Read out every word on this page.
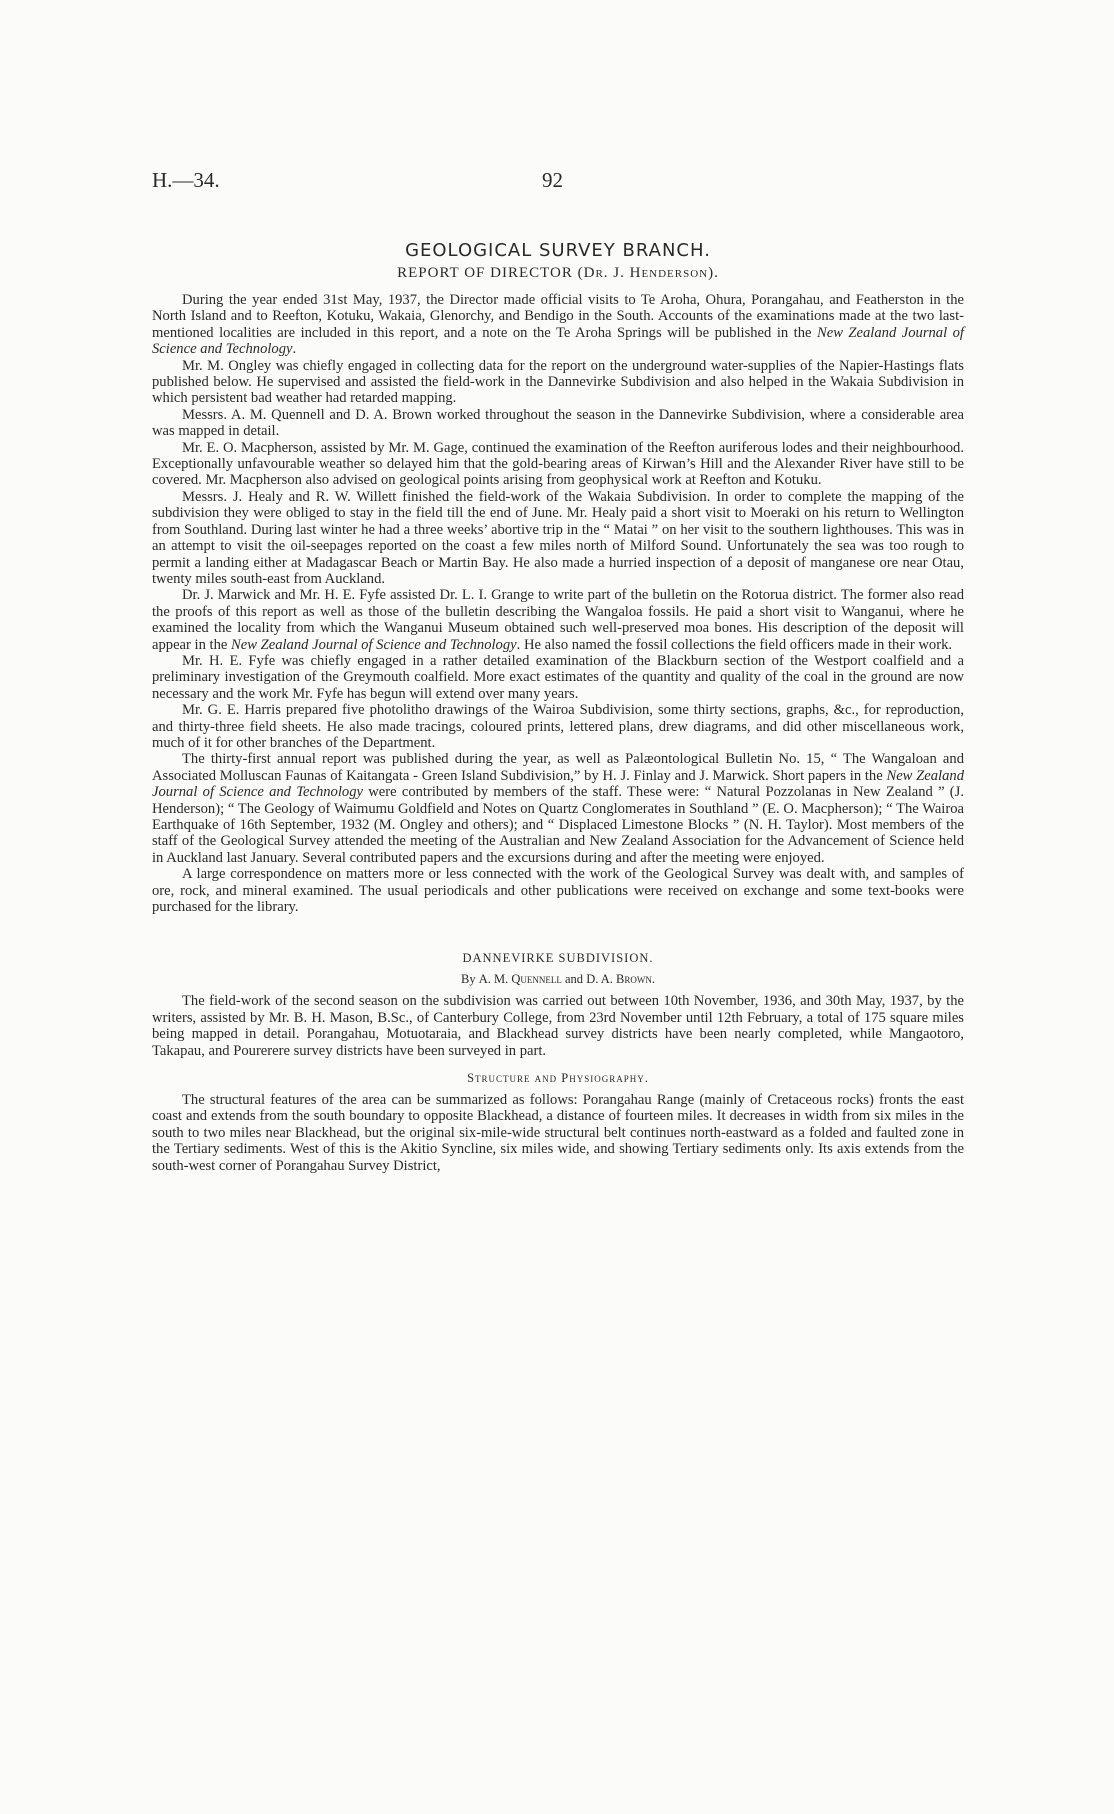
H.—34.	92
GEOLOGICAL SURVEY BRANCH.
REPORT OF DIRECTOR (Dr. J. Henderson).

During the year ended 31st May, 1937, the Director made official visits to Te Aroha, Ohura, Porangahau, and Featherston in the North Island and to Reefton, Kotuku, Wakaia, Glenorchy, and Bendigo in the South. Accounts of the examinations made at the two last-mentioned localities are included in this report, and a note on the Te Aroha Springs will be published in the New Zealand Journal of Science and Technology.

Mr. M. Ongley was chiefly engaged in collecting data for the report on the underground water-supplies of the Napier-Hastings flats published below. He supervised and assisted the field-work in the Dannevirke Subdivision and also helped in the Wakaia Subdivision in which persistent bad weather had retarded mapping.

Messrs. A. M. Quennell and D. A. Brown worked throughout the season in the Dannevirke Subdivision, where a considerable area was mapped in detail.

Mr. E. O. Macpherson, assisted by Mr. M. Gage, continued the examination of the Reefton auriferous lodes and their neighbourhood. Exceptionally unfavourable weather so delayed him that the gold-bearing areas of Kirwan’s Hill and the Alexander River have still to be covered. Mr. Macpherson also advised on geological points arising from geophysical work at Reefton and Kotuku.

Messrs. J. Healy and R. W. Willett finished the field-work of the Wakaia Subdivision. In order to complete the mapping of the subdivision they were obliged to stay in the field till the end of June. Mr. Healy paid a short visit to Moeraki on his return to Wellington from Southland. During last winter he had a three weeks’ abortive trip in the “ Matai ” on her visit to the southern lighthouses. This was in an attempt to visit the oil-seepages reported on the coast a few miles north of Milford Sound. Unfortunately the sea was too rough to permit a landing either at Madagascar Beach or Martin Bay. He also made a hurried inspection of a deposit of manganese ore near Otau, twenty miles south-east from Auckland.

Dr. J. Marwick and Mr. H. E. Fyfe assisted Dr. L. I. Grange to write part of the bulletin on the Rotorua district. The former also read the proofs of this report as well as those of the bulletin describing the Wangaloa fossils. He paid a short visit to Wanganui, where he examined the locality from which the Wanganui Museum obtained such well-preserved moa bones. His description of the deposit will appear in the New Zealand Journal of Science and Technology. He also named the fossil collections the field officers made in their work.

Mr. H. E. Fyfe was chiefly engaged in a rather detailed examination of the Blackburn section of the Westport coalfield and a preliminary investigation of the Greymouth coalfield. More exact estimates of the quantity and quality of the coal in the ground are now necessary and the work Mr. Fyfe has begun will extend over many years.

Mr. G. E. Harris prepared five photolitho drawings of the Wairoa Subdivision, some thirty sections, graphs, &c., for reproduction, and thirty-three field sheets. He also made tracings, coloured prints, lettered plans, drew diagrams, and did other miscellaneous work, much of it for other branches of the Department.

The thirty-first annual report was published during the year, as well as Palæontological Bulletin No. 15, “ The Wangaloan and Associated Molluscan Faunas of Kaitangata - Green Island Subdivision,” by H. J. Finlay and J. Marwick. Short papers in the New Zealand Journal of Science and Technology were contributed by members of the staff. These were: “ Natural Pozzolanas in New Zealand ” (J. Henderson); “ The Geology of Waimumu Goldfield and Notes on Quartz Conglomerates in Southland ” (E. O. Macpherson); “ The Wairoa Earthquake of 16th September, 1932 (M. Ongley and others); and “ Displaced Limestone Blocks ” (N. H. Taylor). Most members of the staff of the Geological Survey attended the meeting of the Australian and New Zealand Association for the Advancement of Science held in Auckland last January. Several contributed papers and the excursions during and after the meeting were enjoyed.

A large correspondence on matters more or less connected with the work of the Geological Survey was dealt with, and samples of ore, rock, and mineral examined. The usual periodicals and other publications were received on exchange and some text-books were purchased for the library.

DANNEVIRKE SUBDIVISION.
By A. M. Quennell and D. A. Brown.

The field-work of the second season on the subdivision was carried out between 10th November, 1936, and 30th May, 1937, by the writers, assisted by Mr. B. H. Mason, B.Sc., of Canterbury College, from 23rd November until 12th February, a total of 175 square miles being mapped in detail. Porangahau, Motuotaraia, and Blackhead survey districts have been nearly completed, while Mangaotoro, Takapau, and Pourerere survey districts have been surveyed in part.

Structure and Physiography.

The structural features of the area can be summarized as follows: Porangahau Range (mainly of Cretaceous rocks) fronts the east coast and extends from the south boundary to opposite Blackhead, a distance of fourteen miles. It decreases in width from six miles in the south to two miles near Blackhead, but the original six-mile-wide structural belt continues north-eastward as a folded and faulted zone in the Tertiary sediments. West of this is the Akitio Syncline, six miles wide, and showing Tertiary sediments only. Its axis extends from the south-west corner of Porangahau Survey District,
